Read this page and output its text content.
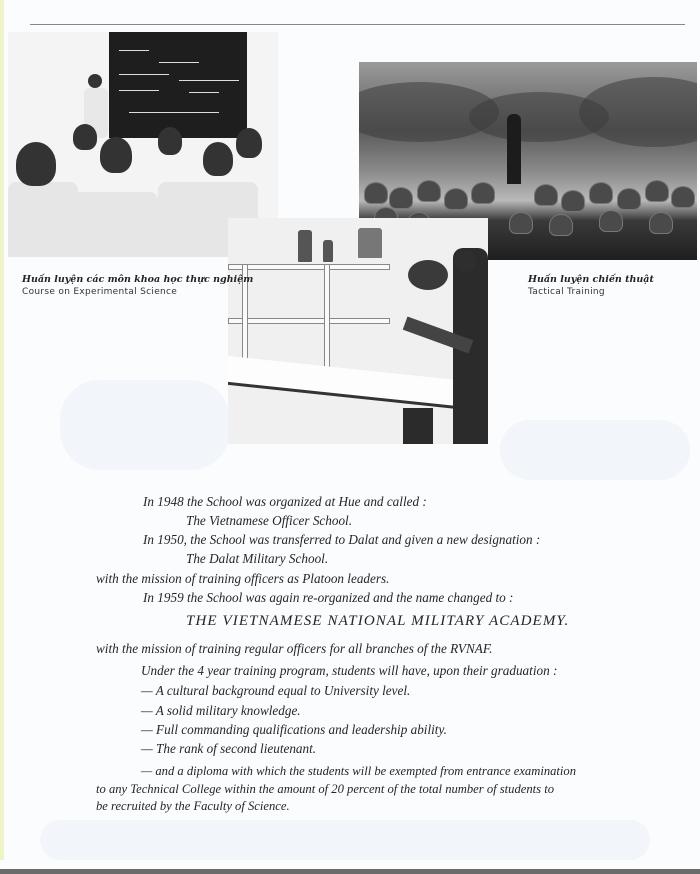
Huấn luyện các môn khoa học thực nghiệm
Course on Experimental Science
Huấn luyện chiến thuật
Tactical Training
In 1948 the School was organized at Hue and called :
The Vietnamese Officer School.
In 1950, the School was transferred to Dalat and given a new designation :
The Dalat Military School.
with the mission of training officers as Platoon leaders.
In 1959 the School was again re-organized and the name changed to :
THE VIETNAMESE NATIONAL MILITARY ACADEMY.
with the mission of training regular officers for all branches of the RVNAF.
Under the 4 year training program, students will have, upon their graduation :
— A cultural background equal to University level.
— A solid military knowledge.
— Full commanding qualifications and leadership ability.
— The rank of second lieutenant.
— and a diploma with which the students will be exempted from entrance examination
to any Technical College within the amount of 20 percent of the total number of students to
be recruited by the Faculty of Science.
